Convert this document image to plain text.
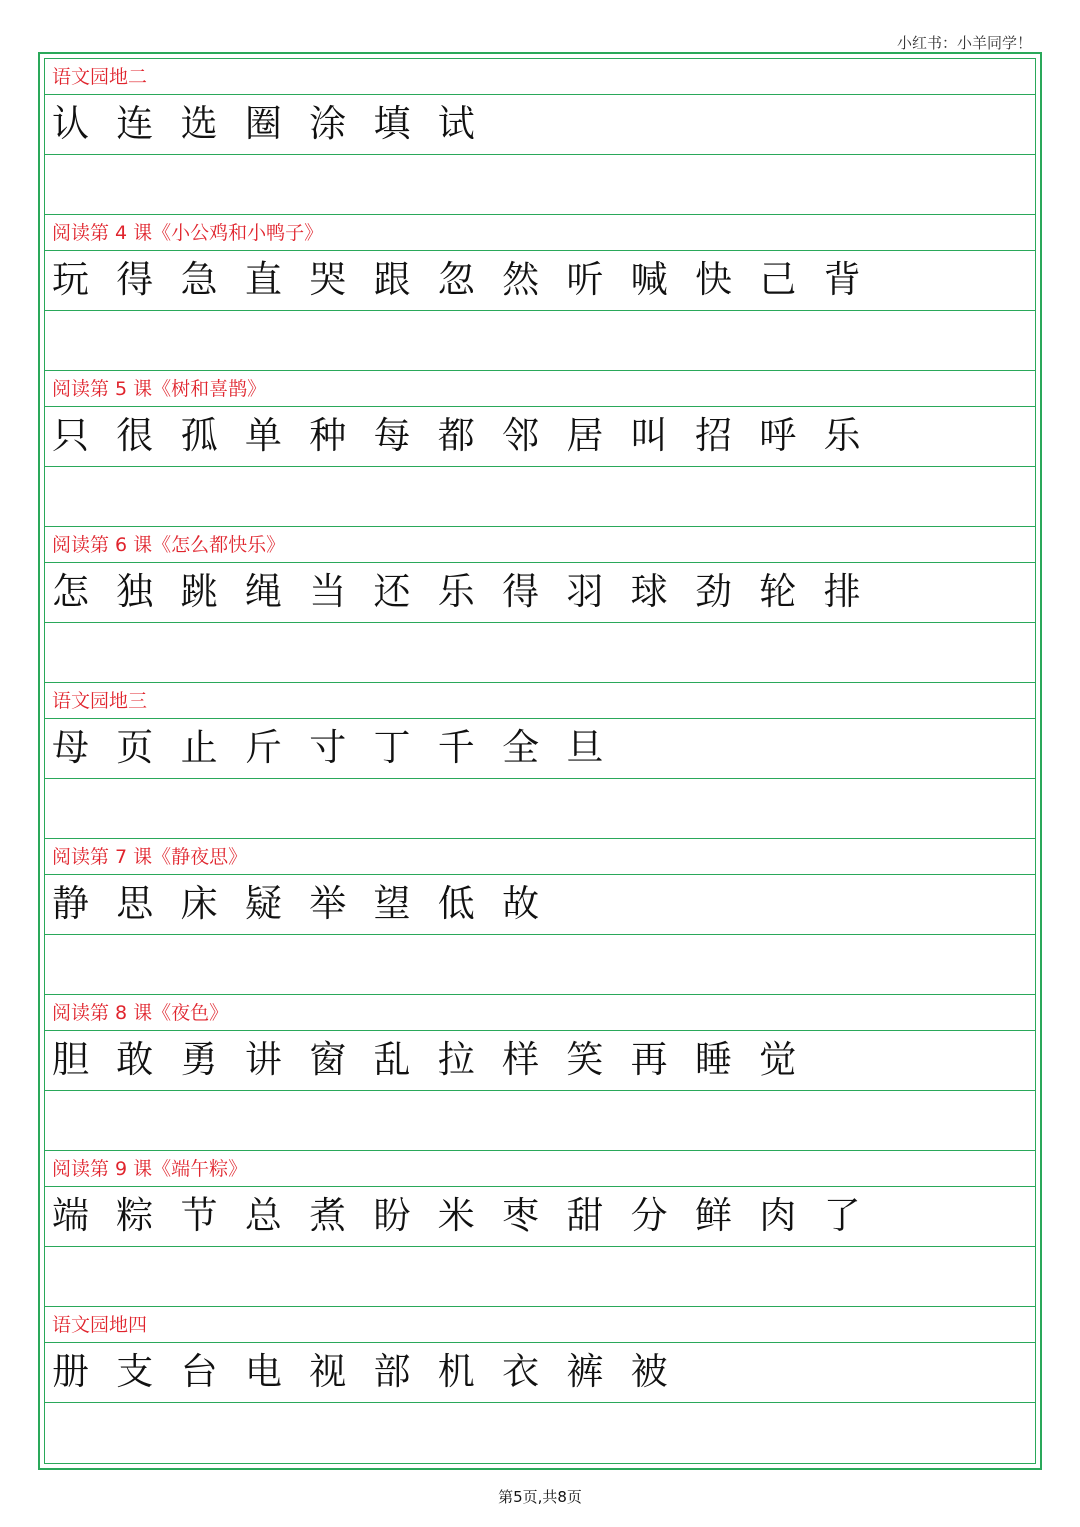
小红书：小羊同学！
语文园地二
认 连 选 圈 涂 填 试
阅读第 4 课《小公鸡和小鸭子》
玩 得 急 直 哭 跟 忽 然 听 喊 快 己 背
阅读第 5 课《树和喜鹊》
只 很 孤 单 种 每 都 邻 居 叫 招 呼 乐
阅读第 6 课《怎么都快乐》
怎 独 跳 绳 当 还 乐 得 羽 球 劲 轮 排
语文园地三
母 页 止 斤 寸 丁 千 全 旦
阅读第 7 课《静夜思》
静 思 床 疑 举 望 低 故
阅读第 8 课《夜色》
胆 敢 勇 讲 窗 乱 拉 样 笑 再 睡 觉
阅读第 9 课《端午粽》
端 粽 节 总 煮 盼 米 枣 甜 分 鲜 肉 了
语文园地四
册 支 台 电 视 部 机 衣 裤 被
第5页,共8页
